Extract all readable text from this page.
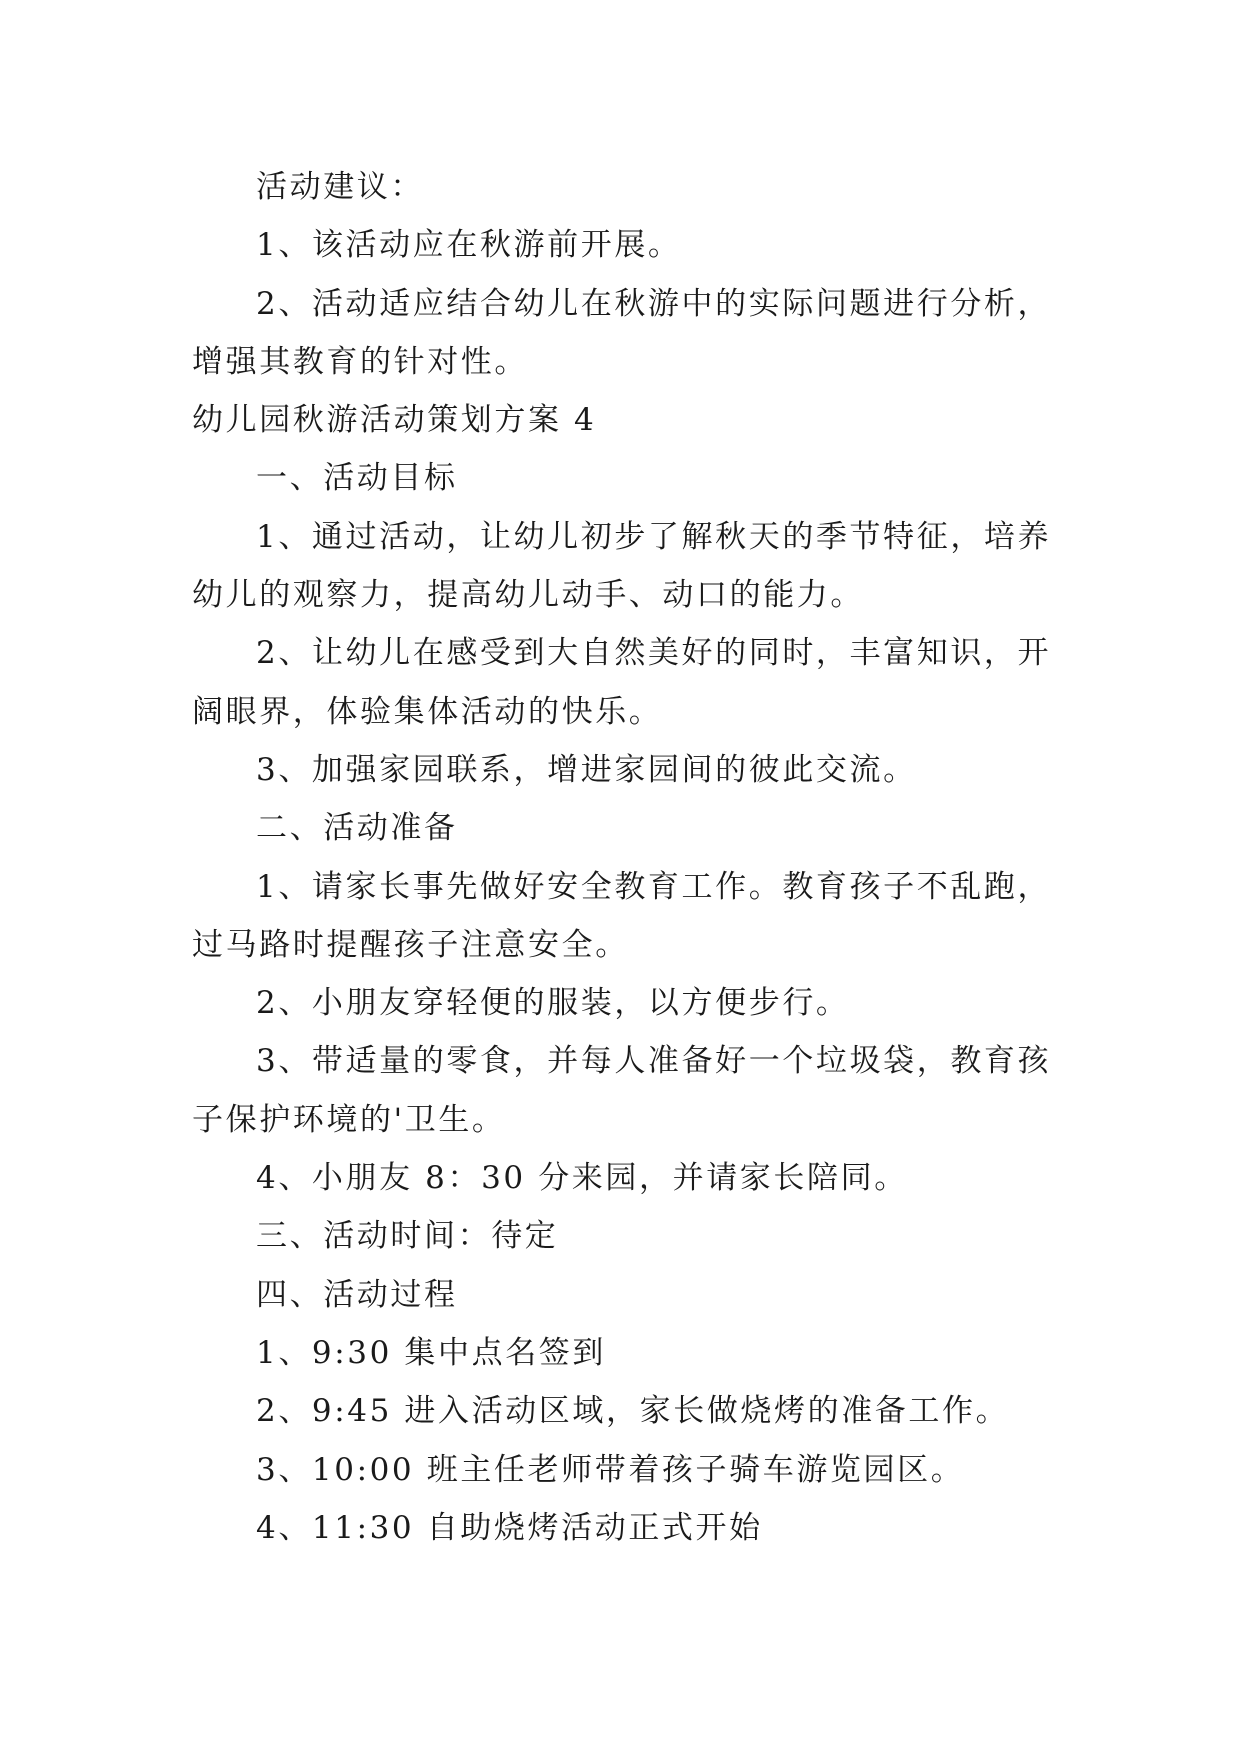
活动建议：
1、该活动应在秋游前开展。
2、活动适应结合幼儿在秋游中的实际问题进行分析，
增强其教育的针对性。
幼儿园秋游活动策划方案 4
一、活动目标
1、通过活动，让幼儿初步了解秋天的季节特征，培养
幼儿的观察力，提高幼儿动手、动口的能力。
2、让幼儿在感受到大自然美好的同时，丰富知识，开
阔眼界，体验集体活动的快乐。
3、加强家园联系，增进家园间的彼此交流。
二、活动准备
1、请家长事先做好安全教育工作。教育孩子不乱跑，
过马路时提醒孩子注意安全。
2、小朋友穿轻便的服装，以方便步行。
3、带适量的零食，并每人准备好一个垃圾袋，教育孩
子保护环境的'卫生。
4、小朋友 8：30 分来园，并请家长陪同。
三、活动时间：待定
四、活动过程
1、9:30 集中点名签到
2、9:45 进入活动区域，家长做烧烤的准备工作。
3、10:00 班主任老师带着孩子骑车游览园区。
4、11:30 自助烧烤活动正式开始
